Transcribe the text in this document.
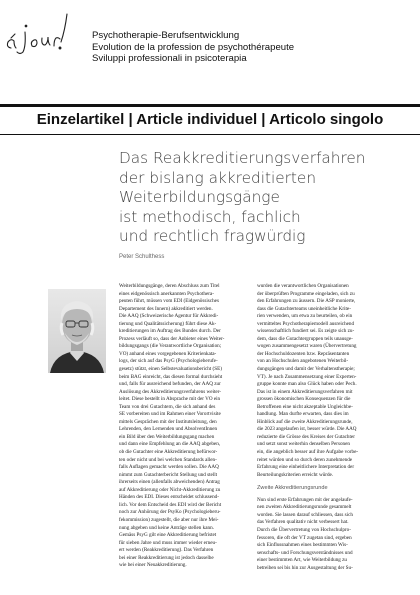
Psychotherapie-Berufsentwicklung
Evolution de la profession de psychothérapeute
Sviluppi professionali in psicoterapia
Einzelartikel | Article individuel | Articolo singolo
Das Reakkreditierungsverfahren
der bislang akkreditierten
Weiterbildungsgänge
ist methodisch, fachlich
und rechtlich fragwürdig
Peter Schulthess

Weiterbildungsgänge, deren Abschluss zum Titel

eines eidgenössisch anerkannten Psychothera-

peuten führt, müssen vom EDI (Eidgenössisches

Departement des Innern) akkreditiert werden.

Die AAQ (Schweizerische Agentur für Akkredi-

tierung und Qualitätssicherung) führt diese Ak-

kreditierungen im Auftrag des Bundes durch. Der

Prozess verläuft so, dass der Anbieter eines Weiter-

bildungsgangs (die Verantwortliche Organisation;

VO) anhand eines vorgegebenen Kriterienkata-

logs, der sich auf das PsyG (Psychologieberufe-

gesetz) stützt, einen Selbstevaluationsbericht (SE)

beim BAG einreicht, das diesen formal durchsieht

und, falls für ausreichend befunden, der AAQ zur

Auslösung des Akkreditierungsverfahrens weiter-

leitet. Diese bestellt in Absprache mit der VO ein

Team von drei Gutachtern, die sich anhand des

SE vorbereiten und im Rahmen einer Vorortvisite

mittels Gesprächen mit der Institutsleitung, den

Lehrenden, den Lernenden und AbsolventInnen

ein Bild über den Weiterbildungsgang machen

und dann eine Empfehlung an die AAQ abgeben,

ob die Gutachter eine Akkreditierung befürwor-

ten oder nicht und bei welchen Standards allen-

falls Auflagen gemacht werden sollen. Die AAQ

nimmt zum Gutachterbericht Stellung und stellt

ihrerseits einen (allenfalls abweichenden) Antrag

auf Akkreditierung oder Nicht-Akkreditierung zu

Händen des EDI. Dieses entscheidet schlussend-

lich. Vor dem Entscheid des EDI wird der Bericht

noch zur Anhörung der PsyKo (Psychologieberu-

fekommission) zugestellt, die aber nur ihre Mei-

nung abgeben und keine Anträge stellen kann.

Gemäss PsyG gilt eine Akkreditierung befristet

für sieben Jahre und muss immer wieder erneu-

ert werden (Reakkreditierung). Das Verfahren

bei einer Reakkreditierung ist jedoch dasselbe

wie bei einer Neuakkreditierung.

wurden die verantwortlichen Organisationen

der überprüften Programme eingeladen, sich zu

den Erfahrungen zu äussern. Die ASP monierte,

dass die Gutachterteams uneinheitliche Krite-

rien verwenden, um etwa zu beurteilen, ob ein

vermitteltes Psychotherapiemodell ausreichend

wissenschaftlich fundiert sei. Es zeigte sich zu-

dem, dass die Gutachtergruppen teils unausge-

wogen zusammengesetzt waren (Übervertretung

der Hochschuldozenten bzw. Repräsentanten

von an Hochschulen angebotenen Weiterbil-

dungsgängen und damit der Verhaltenstherapie;

VT). Je nach Zusammensetzung einer Experten-

gruppe konnte man also Glück haben oder Pech.

Das ist in einem Akkreditierungsverfahren mit

grossen ökonomischen Konsequenzen für die

Betroffenen eine nicht akzeptable Ungleichbe-

handlung. Man durfte erwarten, dass dies im

Hinblick auf die zweite Akkreditierungsrunde,

die 2023 angelaufen ist, besser würde. Die AAQ

reduzierte die Grösse des Kreises der Gutachter

und setzt sonst weiterhin denselben Personen

ein, die angeblich besser auf ihre Aufgabe vorbe-

reitet würden und so durch deren zunehmende

Erfahrung eine einheitlichere Interpretation der

Beurteilungskriterien erreicht würde.

Zweite Akkreditierungsrunde

Nun sind erste Erfahrungen mit der angelaufe-

nen zweiten Akkreditierungsrunde gesammelt

worden. Sie lassen darauf schliessen, dass sich

das Verfahren qualitativ nicht verbessert hat.

Durch die Übervertretung von Hochschulpro-

fessoren, die oft der VT zugetan sind, ergeben

sich Einflussnahmen eines bestimmten Wis-

senschafts- und Forschungsverständnisses und

einer bestimmten Art, wie Weiterbildung zu

betreiben sei bis hin zur Ausgestaltung der Su-
